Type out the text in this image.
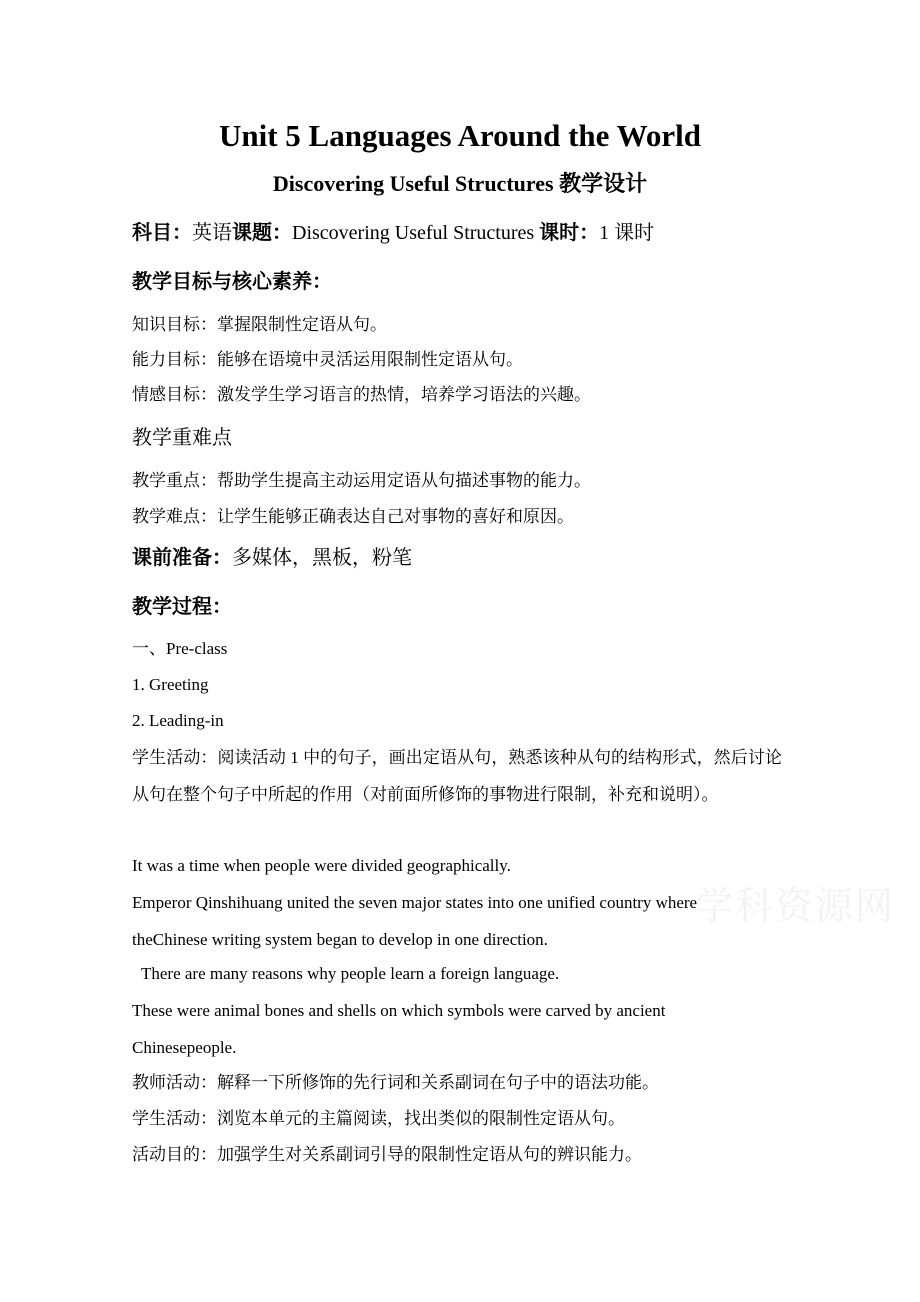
Unit 5 Languages Around the World
Discovering Useful Structures 教学设计
科目：英语课题：Discovering Useful Structures 课时：1 课时
教学目标与核心素养：
知识目标：掌握限制性定语从句。
能力目标：能够在语境中灵活运用限制性定语从句。
情感目标：激发学生学习语言的热情，培养学习语法的兴趣。
教学重难点
教学重点：帮助学生提高主动运用定语从句描述事物的能力。
教学难点：让学生能够正确表达自己对事物的喜好和原因。
课前准备：多媒体，黑板，粉笔
教学过程：
一、Pre-class
1. Greeting
2. Leading-in
学生活动：阅读活动 1 中的句子，画出定语从句，熟悉该种从句的结构形式，然后讨论从句在整个句子中所起的作用（对前面所修饰的事物进行限制，补充和说明）。
It was a time when people were divided geographically.
Emperor Qinshihuang united the seven major states into one unified country where theChinese writing system began to develop in one direction.
There are many reasons why people learn a foreign language.
These were animal bones and shells on which symbols were carved by ancient Chinesepeople.
教师活动：解释一下所修饰的先行词和关系副词在句子中的语法功能。
学生活动：浏览本单元的主篇阅读，找出类似的限制性定语从句。
活动目的：加强学生对关系副词引导的限制性定语从句的辨识能力。
学科资源网
